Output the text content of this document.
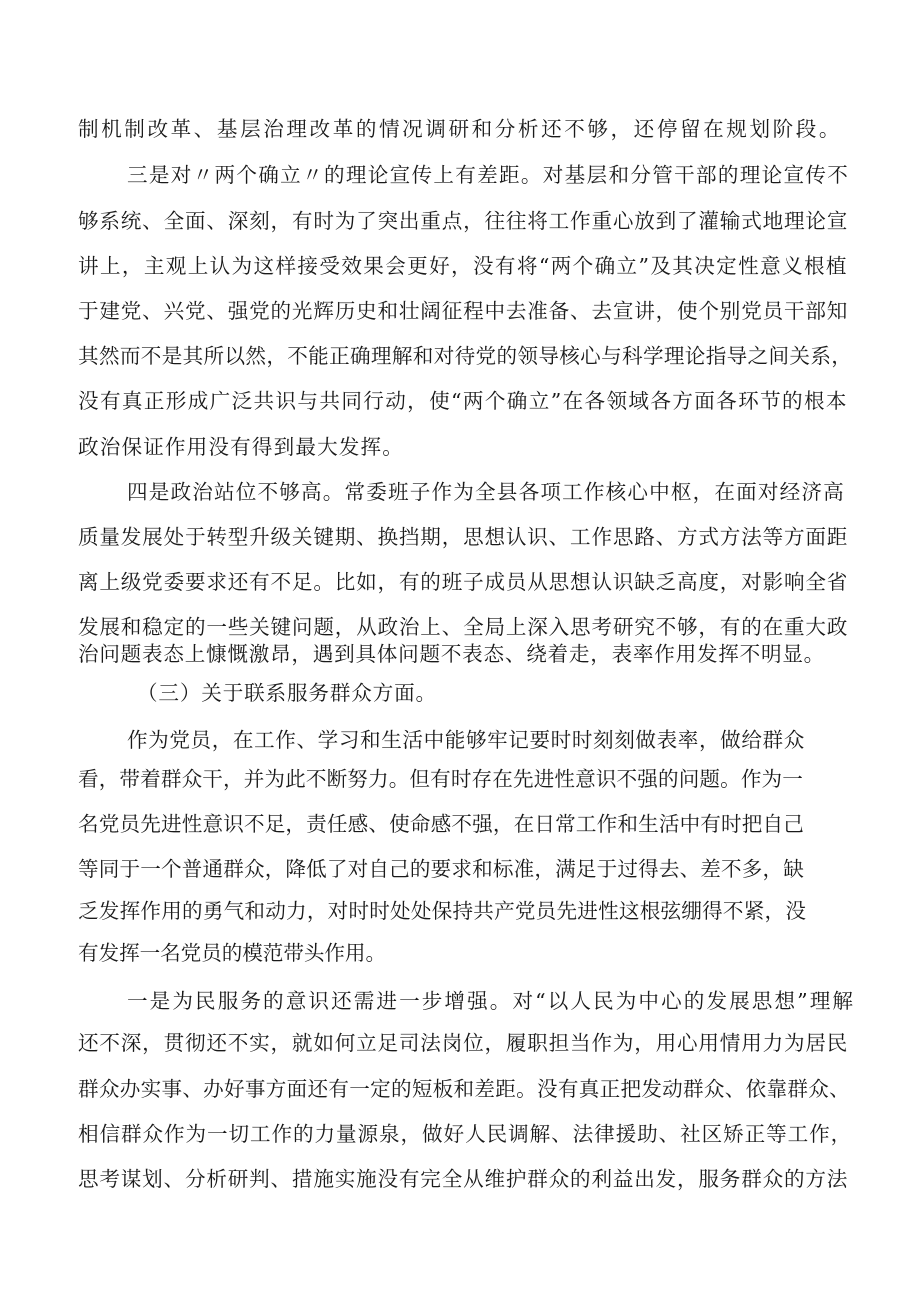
制机制改革、基层治理改革的情况调研和分析还不够，还停留在规划阶段。

三是对〃两个确立〃的理论宣传上有差距。对基层和分管干部的理论宣传不

够系统、全面、深刻，有时为了突出重点，往往将工作重心放到了灌输式地理论宣

讲上，主观上认为这样接受效果会更好，没有将“两个确立”及其决定性意义根植

于建党、兴党、强党的光辉历史和壮阔征程中去准备、去宣讲，使个别党员干部知

其然而不是其所以然，不能正确理解和对待党的领导核心与科学理论指导之间关系，

没有真正形成广泛共识与共同行动，使“两个确立”在各领域各方面各环节的根本

政治保证作用没有得到最大发挥。

四是政治站位不够高。常委班子作为全县各项工作核心中枢，在面对经济高

质量发展处于转型升级关键期、换挡期，思想认识、工作思路、方式方法等方面距

离上级党委要求还有不足。比如，有的班子成员从思想认识缺乏高度，对影响全省

发展和稳定的一些关键问题，从政治上、全局上深入思考研究不够，有的在重大政

治问题表态上慷慨激昂，遇到具体问题不表态、绕着走，表率作用发挥不明显。

（三）关于联系服务群众方面。

作为党员，在工作、学习和生活中能够牢记要时时刻刻做表率，做给群众

看，带着群众干，并为此不断努力。但有时存在先进性意识不强的问题。作为一

名党员先进性意识不足，责任感、使命感不强，在日常工作和生活中有时把自己

等同于一个普通群众，降低了对自己的要求和标准，满足于过得去、差不多，缺

乏发挥作用的勇气和动力，对时时处处保持共产党员先进性这根弦绷得不紧，没

有发挥一名党员的模范带头作用。

一是为民服务的意识还需进一步增强。对“以人民为中心的发展思想”理解

还不深，贯彻还不实，就如何立足司法岗位，履职担当作为，用心用情用力为居民

群众办实事、办好事方面还有一定的短板和差距。没有真正把发动群众、依靠群众、

相信群众作为一切工作的力量源泉，做好人民调解、法律援助、社区矫正等工作，

思考谋划、分析研判、措施实施没有完全从维护群众的利益出发，服务群众的方法
